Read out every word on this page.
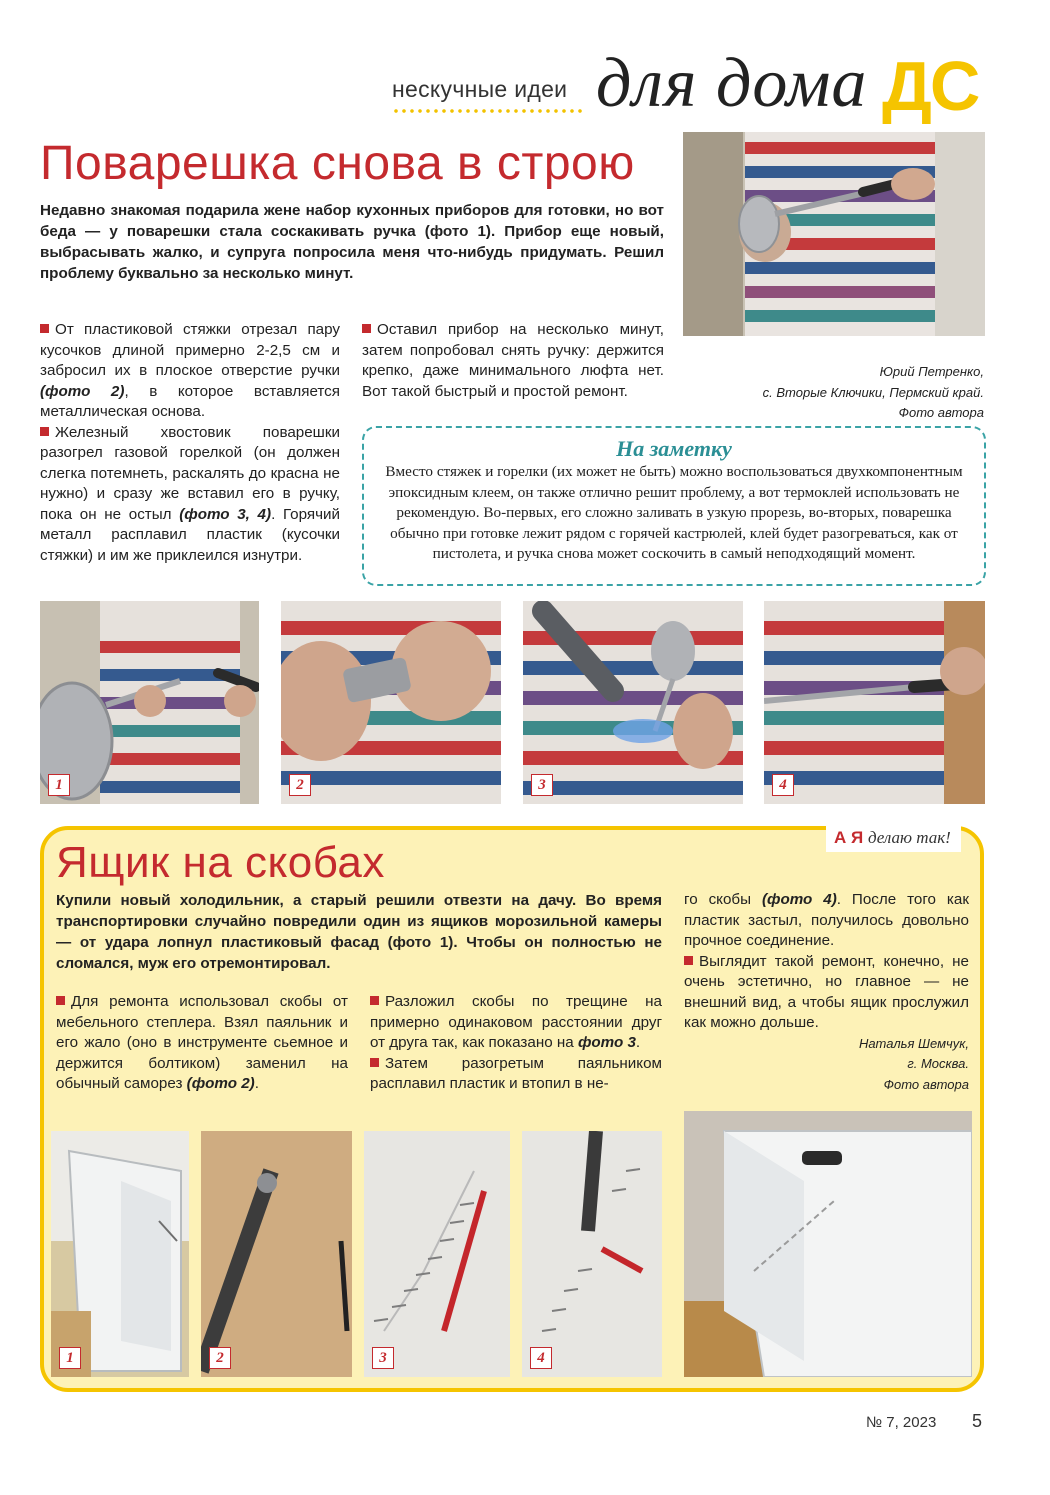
нескучные идеи для дома ДС
Поварешка снова в строю
Недавно знакомая подарила жене набор кухонных приборов для готовки, но вот беда — у поварешки стала соскакивать ручка (фото 1). Прибор еще новый, выбрасывать жалко, и супруга попросила меня что-нибудь придумать. Решил проблему буквально за несколько минут.
От пластиковой стяжки отрезал пару кусочков длиной примерно 2-2,5 см и забросил их в плоское отверстие ручки (фото 2), в которое вставляется металлическая основа.
Железный хвостовик поварешки разогрел газовой горелкой (он должен слегка потемнеть, раскалять до красна не нужно) и сразу же вставил его в ручку, пока он не остыл (фото 3, 4). Горячий металл расплавил пластик (кусочки стяжки) и им же приклеился изнутри.
Оставил прибор на несколько минут, затем попробовал снять ручку: держится крепко, даже минимального люфта нет. Вот такой быстрый и простой ремонт.
Юрий Петренко,
с. Вторые Ключики, Пермский край.
Фото автора
На заметку
Вместо стяжек и горелки (их может не быть) можно воспользоваться двухкомпонентным эпоксидным клеем, он также отлично решит проблему, а вот термоклей использовать не рекомендую. Во-первых, его сложно заливать в узкую прорезь, во-вторых, поварешка обычно при готовке лежит рядом с горячей кастрюлей, клей будет разогреваться, как от пистолета, и ручка снова может соскочить в самый неподходящий момент.
1	2	3	4
А Я делаю так!
Ящик на скобах
Купили новый холодильник, а старый решили отвезти на дачу. Во время транспортировки случайно повредили один из ящиков морозильной камеры — от удара лопнул пластиковый фасад (фото 1). Чтобы он полностью не сломался, муж его отремонтировал.
Для ремонта использовал скобы от мебельного степлера. Взял паяльник и его жало (оно в инструменте сьемное и держится болтиком) заменил на обычный саморез (фото 2).
Разложил скобы по трещине на примерно одинаковом расстоянии друг от друга так, как показано на фото 3.
Затем разогретым паяльником расплавил пластик и втопил в не-
го скобы (фото 4). После того как пластик застыл, получилось довольно прочное соединение.
Выглядит такой ремонт, конечно, не очень эстетично, но главное — не внешний вид, а чтобы ящик прослужил как можно дольше.
Наталья Шемчук,
г. Москва.
Фото автора
1	2	3	4
№ 7, 2023 5
